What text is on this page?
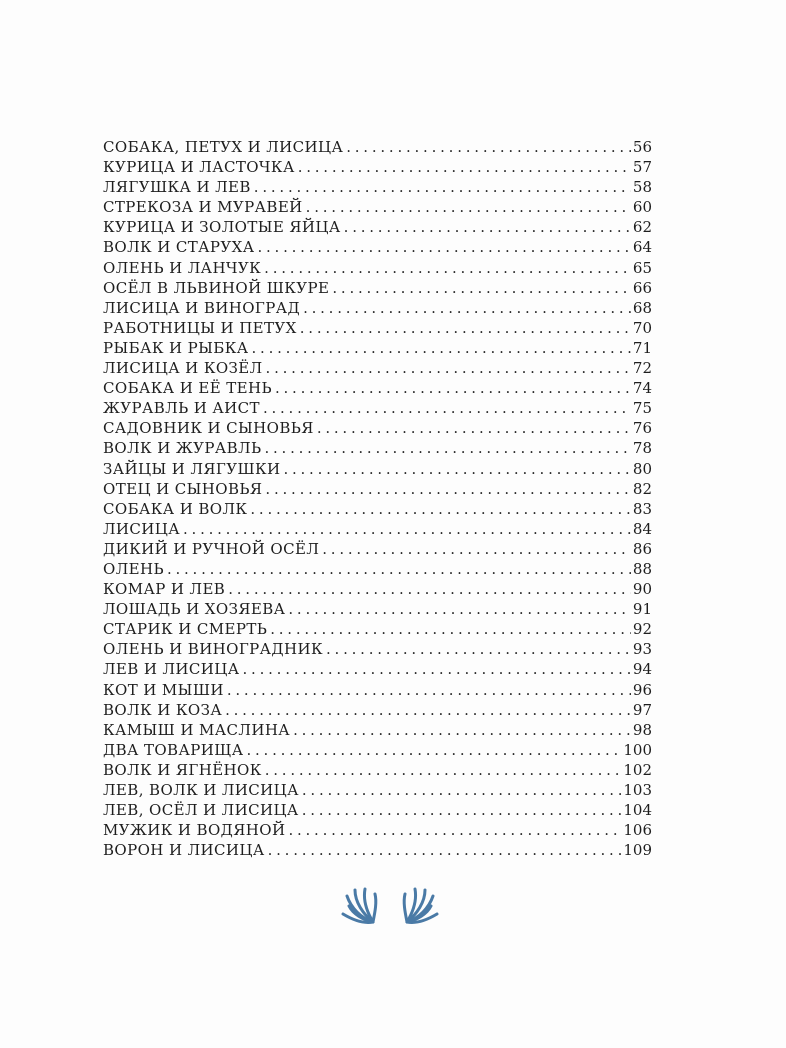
СОБАКА, ПЕТУХ И ЛИСИЦА . . .	56
КУРИЦА И ЛАСТОЧКА . . .	57
ЛЯГУШКА И ЛЕВ . . .	58
СТРЕКОЗА И МУРАВЕЙ . . .	60
КУРИЦА И ЗОЛОТЫЕ ЯЙЦА . . .	62
ВОЛК И СТАРУХА . . .	64
ОЛЕНЬ И ЛАНЧУК . . .	65
ОСЁЛ В ЛЬВИНОЙ ШКУРЕ . . .	66
ЛИСИЦА И ВИНОГРАД . . .	68
РАБОТНИЦЫ И ПЕТУХ . . .	70
РЫБАК И РЫБКА . . .	71
ЛИСИЦА И КОЗЁЛ . . .	72
СОБАКА И ЕЁ ТЕНЬ . . .	74
ЖУРАВЛЬ И АИСТ . . .	75
САДОВНИК И СЫНОВЬЯ . . .	76
ВОЛК И ЖУРАВЛЬ . . .	78
ЗАЙЦЫ И ЛЯГУШКИ . . .	80
ОТЕЦ И СЫНОВЬЯ . . .	82
СОБАКА И ВОЛК . . .	83
ЛИСИЦА . . .	84
ДИКИЙ И РУЧНОЙ ОСЁЛ . . .	86
ОЛЕНЬ . . .	88
КОМАР И ЛЕВ . . .	90
ЛОШАДЬ И ХОЗЯЕВА . . .	91
СТАРИК И СМЕРТЬ . . .	92
ОЛЕНЬ И ВИНОГРАДНИК . . .	93
ЛЕВ И ЛИСИЦА . . .	94
КОТ И МЫШИ . . .	96
ВОЛК И КОЗА . . .	97
КАМЫШ И МАСЛИНА . . .	98
ДВА ТОВАРИЩА . . .	100
ВОЛК И ЯГНЁНОК . . .	102
ЛЕВ, ВОЛК И ЛИСИЦА . . .	103
ЛЕВ, ОСЁЛ И ЛИСИЦА . . .	104
МУЖИК И ВОДЯНОЙ . . .	106
ВОРОН И ЛИСИЦА . . .	109
